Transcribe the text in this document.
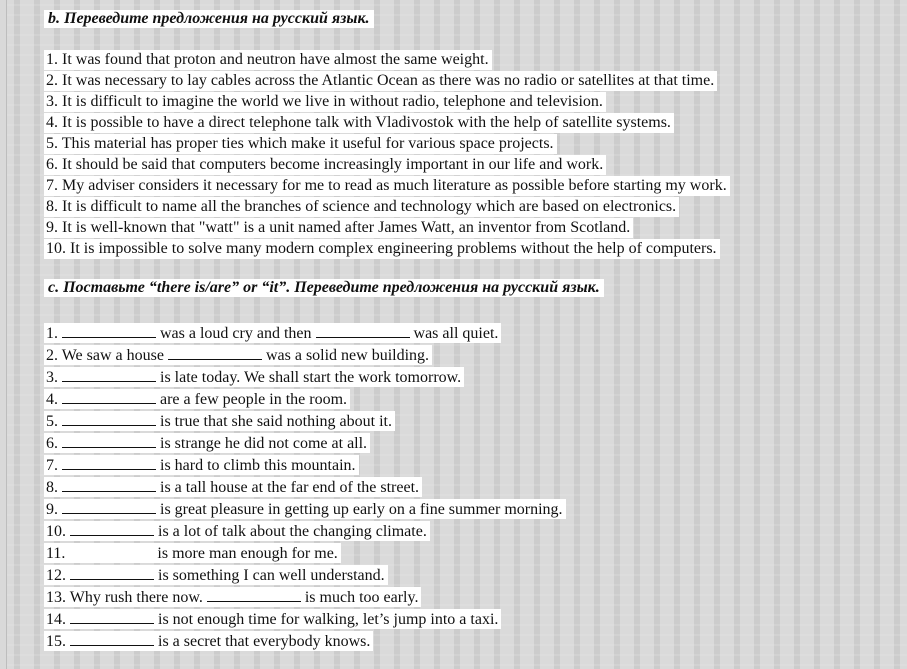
b. Переведите предложения на русский язык.
1. It was found that proton and neutron have almost the same weight.
2. It was necessary to lay cables across the Atlantic Ocean as there was no radio or satellites at that time.
3. It is difficult to imagine the world we live in without radio, telephone and television.
4. It is possible to have a direct telephone talk with Vladivostok with the help of satellite systems.
5. This material has proper ties which make it useful for various space projects.
6. It should be said that computers become increasingly important in our life and work.
7. My adviser considers it necessary for me to read as much literature as possible before starting my work.
8. It is difficult to name all the branches of science and technology which are based on electronics.
9. It is well-known that "watt" is a unit named after James Watt, an inventor from Scotland.
10. It is impossible to solve many modern complex engineering problems without the help of computers.
c. Поставьте “there is/are” or “it”. Переведите предложения на русский язык.
1.	was a loud cry and then	was all quiet.
2. We saw a house	was a solid new building.
3.	is late today. We shall start the work tomorrow.
4.	are a few people in the room.
5.	is true that she said nothing about it.
6.	is strange he did not come at all.
7.	is hard to climb this mountain.
8.	is a tall house at the far end of the street.
9.	is great pleasure in getting up early on a fine summer morning.
10.	is a lot of talk about the changing climate.
11.	is more man enough for me.
12.	is something I can well understand.
13. Why rush there now.	is much too early.
14.	is not enough time for walking, let’s jump into a taxi.
15.	is a secret that everybody knows.
